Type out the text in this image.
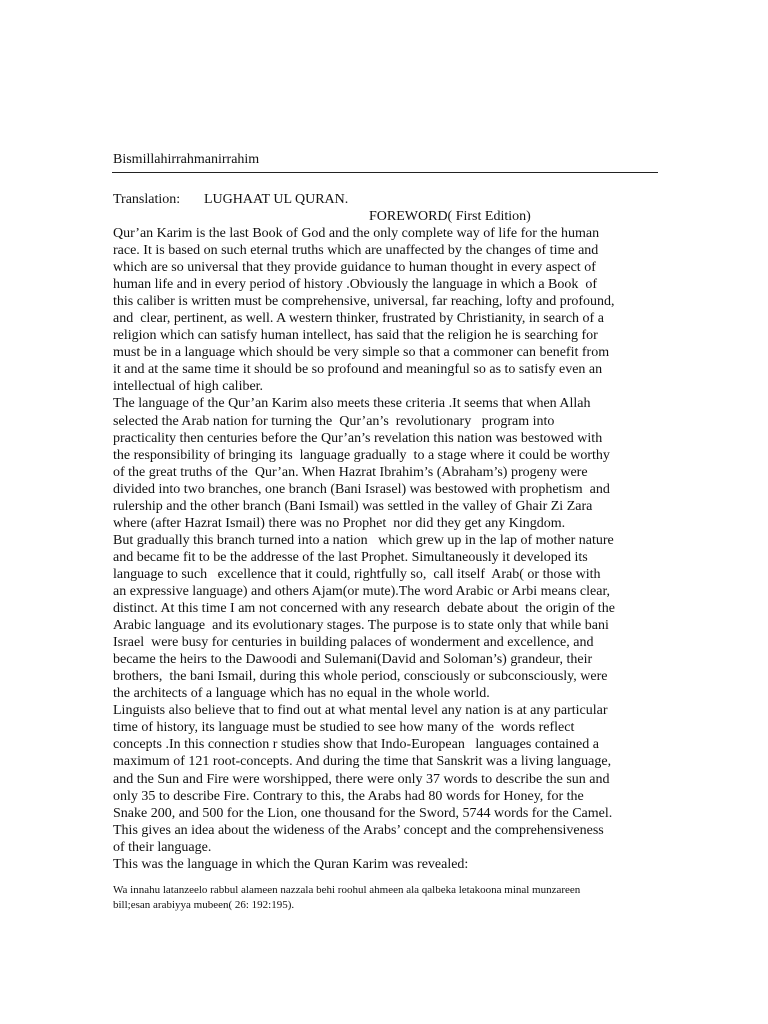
Bismillahirrahmanirrahim
Translation: LUGHAAT UL QURAN.
FOREWORD( First Edition)
Qur’an Karim is the last Book of God and the only complete way of life for the human
race. It is based on such eternal truths which are unaffected by the changes of time and
which are so universal that they provide guidance to human thought in every aspect of
human life and in every period of history .Obviously the language in which a Book  of
this caliber is written must be comprehensive, universal, far reaching, lofty and profound,
and  clear, pertinent, as well. A western thinker, frustrated by Christianity, in search of a
religion which can satisfy human intellect, has said that the religion he is searching for
must be in a language which should be very simple so that a commoner can benefit from
it and at the same time it should be so profound and meaningful so as to satisfy even an
intellectual of high caliber.
The language of the Qur’an Karim also meets these criteria .It seems that when Allah
selected the Arab nation for turning the  Qur’an’s  revolutionary   program into
practicality then centuries before the Qur’an’s revelation this nation was bestowed with
the responsibility of bringing its  language gradually  to a stage where it could be worthy
of the great truths of the  Qur’an. When Hazrat Ibrahim’s (Abraham’s) progeny were
divided into two branches, one branch (Bani Israsel) was bestowed with prophetism  and
rulership and the other branch (Bani Ismail) was settled in the valley of Ghair Zi Zara
where (after Hazrat Ismail) there was no Prophet  nor did they get any Kingdom.
But gradually this branch turned into a nation   which grew up in the lap of mother nature
and became fit to be the addresse of the last Prophet. Simultaneously it developed its
language to such   excellence that it could, rightfully so,  call itself  Arab( or those with
an expressive language) and others Ajam(or mute).The word Arabic or Arbi means clear,
distinct. At this time I am not concerned with any research  debate about  the origin of the
Arabic language  and its evolutionary stages. The purpose is to state only that while bani
Israel  were busy for centuries in building palaces of wonderment and excellence, and
became the heirs to the Dawoodi and Sulemani(David and Soloman’s) grandeur, their
brothers,  the bani Ismail, during this whole period, consciously or subconsciously, were
the architects of a language which has no equal in the whole world.
Linguists also believe that to find out at what mental level any nation is at any particular
time of history, its language must be studied to see how many of the  words reflect
concepts .In this connection r studies show that Indo-European   languages contained a
maximum of 121 root-concepts. And during the time that Sanskrit was a living language,
and the Sun and Fire were worshipped, there were only 37 words to describe the sun and
only 35 to describe Fire. Contrary to this, the Arabs had 80 words for Honey, for the
Snake 200, and 500 for the Lion, one thousand for the Sword, 5744 words for the Camel.
This gives an idea about the wideness of the Arabs’ concept and the comprehensiveness
of their language.
This was the language in which the Quran Karim was revealed:
Wa innahu latanzeelo rabbul alameen nazzala behi roohul ahmeen ala qalbeka letakoona minal munzareen
bill;esan arabiyya mubeen( 26: 192:195).
